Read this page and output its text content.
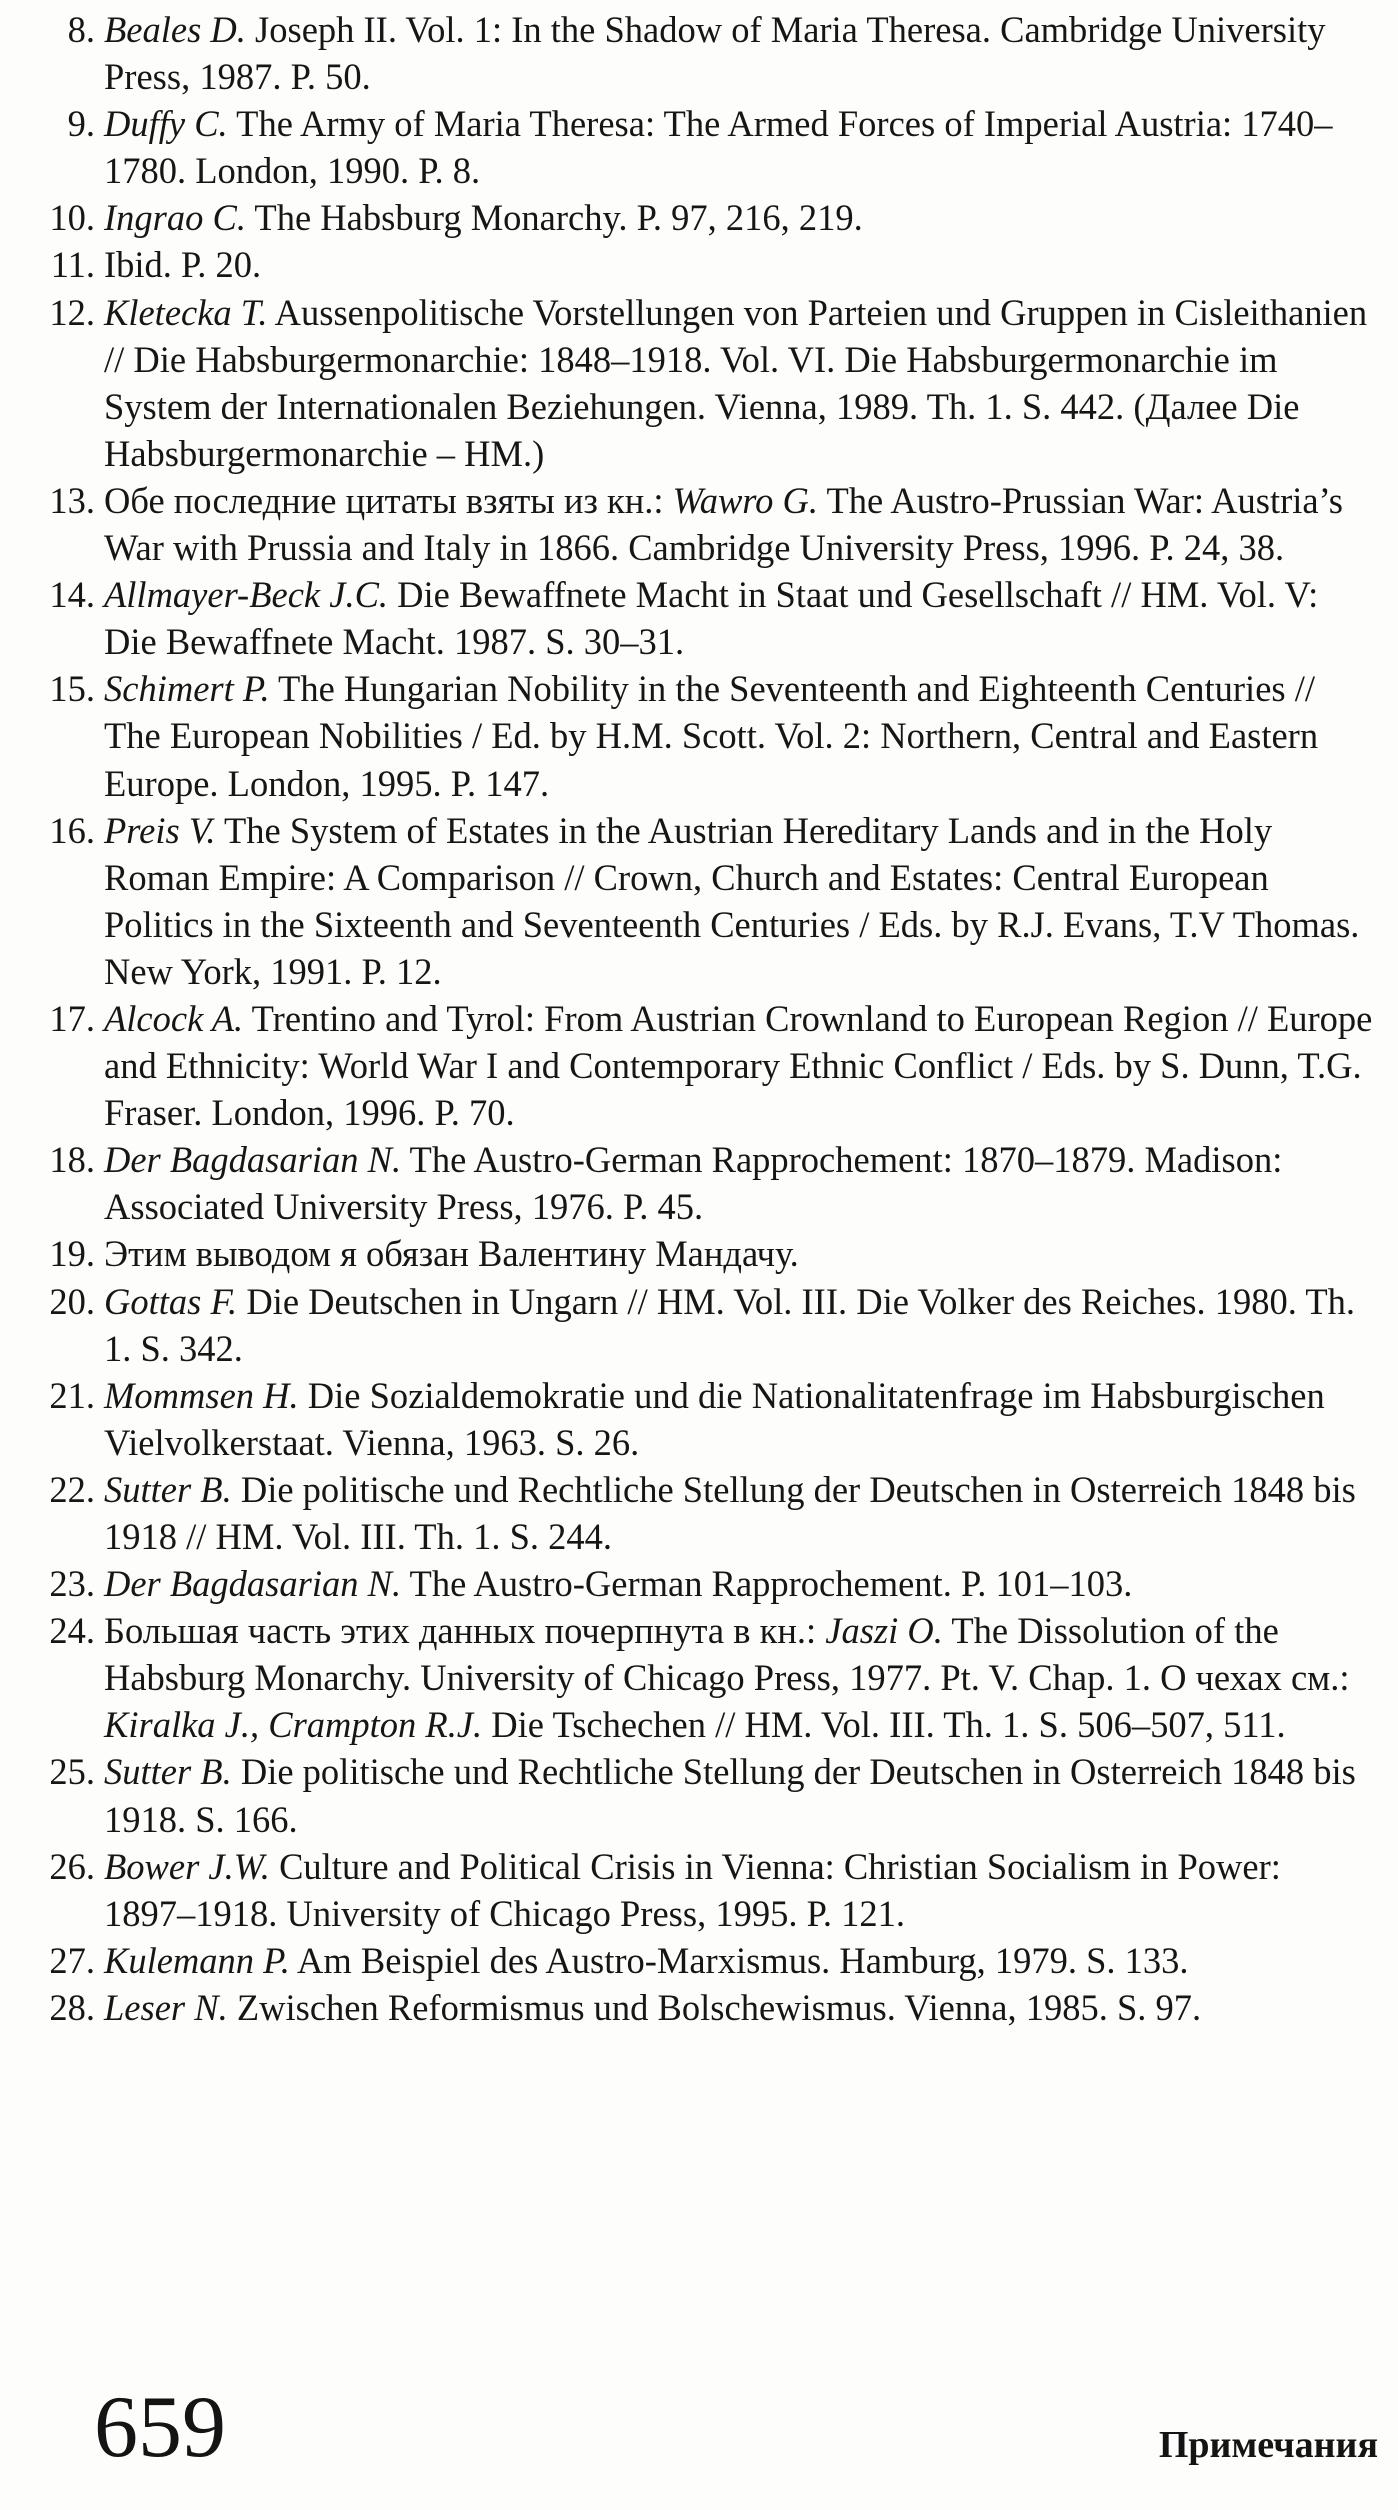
8. Beales D. Joseph II. Vol. 1: In the Shadow of Maria Theresa. Cambridge University Press, 1987. P. 50.
9. Duffy C. The Army of Maria Theresa: The Armed Forces of Imperial Austria: 1740–1780. London, 1990. P. 8.
10. Ingrao C. The Habsburg Monarchy. P. 97, 216, 219.
11. Ibid. P. 20.
12. Kletecka T. Aussenpolitische Vorstellungen von Parteien und Gruppen in Cisleithanien // Die Habsburgermonarchie: 1848–1918. Vol. VI. Die Habsburgermonarchie im System der Internationalen Beziehungen. Vienna, 1989. Th. 1. S. 442. (Далее Die Habsburgermonarchie – HM.)
13. Обе последние цитаты взяты из кн.: Wawro G. The Austro-Prussian War: Austria’s War with Prussia and Italy in 1866. Cambridge University Press, 1996. P. 24, 38.
14. Allmayer-Beck J.C. Die Bewaffnete Macht in Staat und Gesellschaft // HM. Vol. V: Die Bewaffnete Macht. 1987. S. 30–31.
15. Schimert P. The Hungarian Nobility in the Seventeenth and Eighteenth Centuries // The European Nobilities / Ed. by H.M. Scott. Vol. 2: Northern, Central and Eastern Europe. London, 1995. P. 147.
16. Preis V. The System of Estates in the Austrian Hereditary Lands and in the Holy Roman Empire: A Comparison // Crown, Church and Estates: Central European Politics in the Sixteenth and Seventeenth Centuries / Eds. by R.J. Evans, T.V Thomas. New York, 1991. P. 12.
17. Alcock A. Trentino and Tyrol: From Austrian Crownland to European Region // Europe and Ethnicity: World War I and Contemporary Ethnic Conflict / Eds. by S. Dunn, T.G. Fraser. London, 1996. P. 70.
18. Der Bagdasarian N. The Austro-German Rapprochement: 1870–1879. Madison: Associated University Press, 1976. P. 45.
19. Этим выводом я обязан Валентину Мандачу.
20. Gottas F. Die Deutschen in Ungarn // HM. Vol. III. Die Volker des Reiches. 1980. Th. 1. S. 342.
21. Mommsen H. Die Sozialdemokratie und die Nationalitatenfrage im Habsburgischen Vielvolkerstaat. Vienna, 1963. S. 26.
22. Sutter B. Die politische und Rechtliche Stellung der Deutschen in Osterreich 1848 bis 1918 // HM. Vol. III. Th. 1. S. 244.
23. Der Bagdasarian N. The Austro-German Rapprochement. P. 101–103.
24. Большая часть этих данных почерпнута в кн.: Jaszi O. The Dissolution of the Habsburg Monarchy. University of Chicago Press, 1977. Pt. V. Chap. 1. О чехах см.: Kiralka J., Crampton R.J. Die Tschechen // HM. Vol. III. Th. 1. S. 506–507, 511.
25. Sutter B. Die politische und Rechtliche Stellung der Deutschen in Osterreich 1848 bis 1918. S. 166.
26. Bower J.W. Culture and Political Crisis in Vienna: Christian Socialism in Power: 1897–1918. University of Chicago Press, 1995. P. 121.
27. Kulemann P. Am Beispiel des Austro-Marxismus. Hamburg, 1979. S. 133.
28. Leser N. Zwischen Reformismus und Bolschewismus. Vienna, 1985. S. 97.
659	Примечания
